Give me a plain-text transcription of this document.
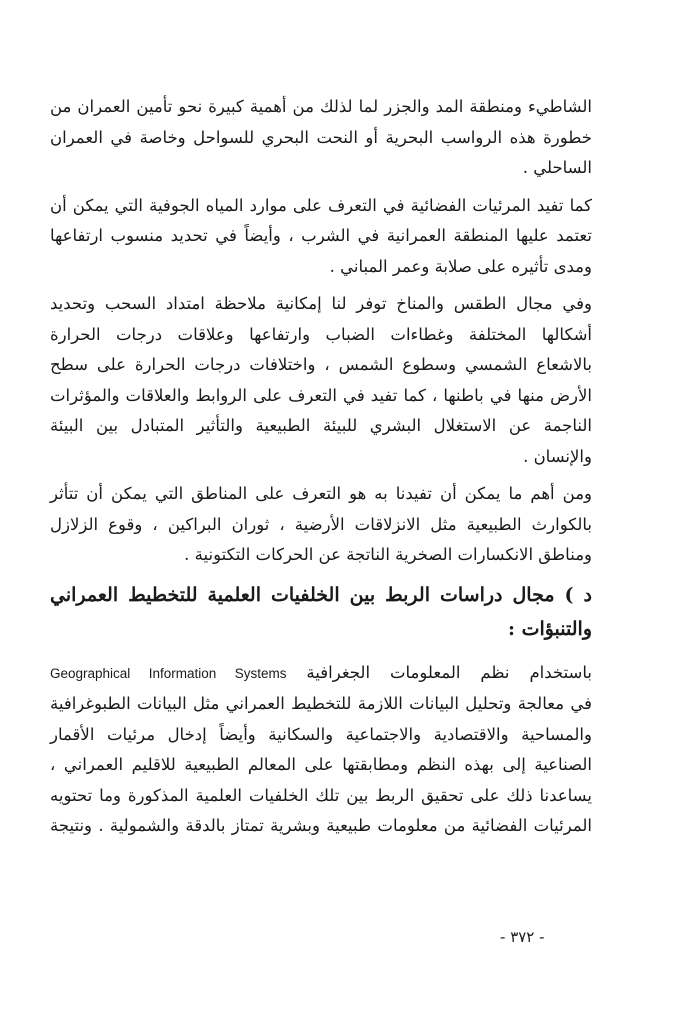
الشاطيء ومنطقة المد والجزر لما لذلك من أهمية كبيرة نحو تأمين العمران من
خطورة هذه الرواسب البحرية أو النحت البحري للسواحل وخاصة في العمران
الساحلي .
كما تفيد المرئيات الفضائية في التعرف على موارد المياه الجوفية التي يمكن أن
تعتمد عليها المنطقة العمرانية في الشرب ، وأيضاً في تحديد منسوب ارتفاعها
ومدى تأثيره على صلابة وعمر المباني .
وفي مجال الطقس والمناخ توفر لنا إمكانية ملاحظة امتداد السحب وتحديد
أشكالها المختلفة وغطاءات الضباب وارتفاعها وعلاقات درجات الحرارة
بالاشعاع الشمسي وسطوع الشمس ، واختلافات درجات الحرارة على سطح
الأرض منها في باطنها ، كما تفيد في التعرف على الروابط والعلاقات والمؤثرات
الناجمة عن الاستغلال البشري للبيئة الطبيعية والتأثير المتبادل بين البيئة
والإنسان .
ومن أهم ما يمكن أن تفيدنا به هو التعرف على المناطق التي يمكن أن تتأثر
بالكوارث الطبيعية مثل الانزلاقات الأرضية ، ثوران البراكين ، وقوع الزلازل
ومناطق الانكسارات الصخرية الناتجة عن الحركات التكتونية .
د ) مجال دراسات الربط بين الخلفيات العلمية للتخطيط العمراني
والتنبؤات :
باستخدام نظم المعلومات الجغرافية Geographical Information Systems
في معالجة وتحليل البيانات اللازمة للتخطيط العمراني مثل البيانات الطبوغرافية
والمساحية والاقتصادية والاجتماعية والسكانية وأيضاً إدخال مرئيات الأقمار
الصناعية إلى بهذه النظم ومطابقتها على المعالم الطبيعية للاقليم العمراني ،
يساعدنا ذلك على تحقيق الربط بين تلك الخلفيات العلمية المذكورة وما تحتويه
المرئيات الفضائية من معلومات طبيعية وبشرية تمتاز بالدقة والشمولية . ونتيجة
- ٣٧٢ -
